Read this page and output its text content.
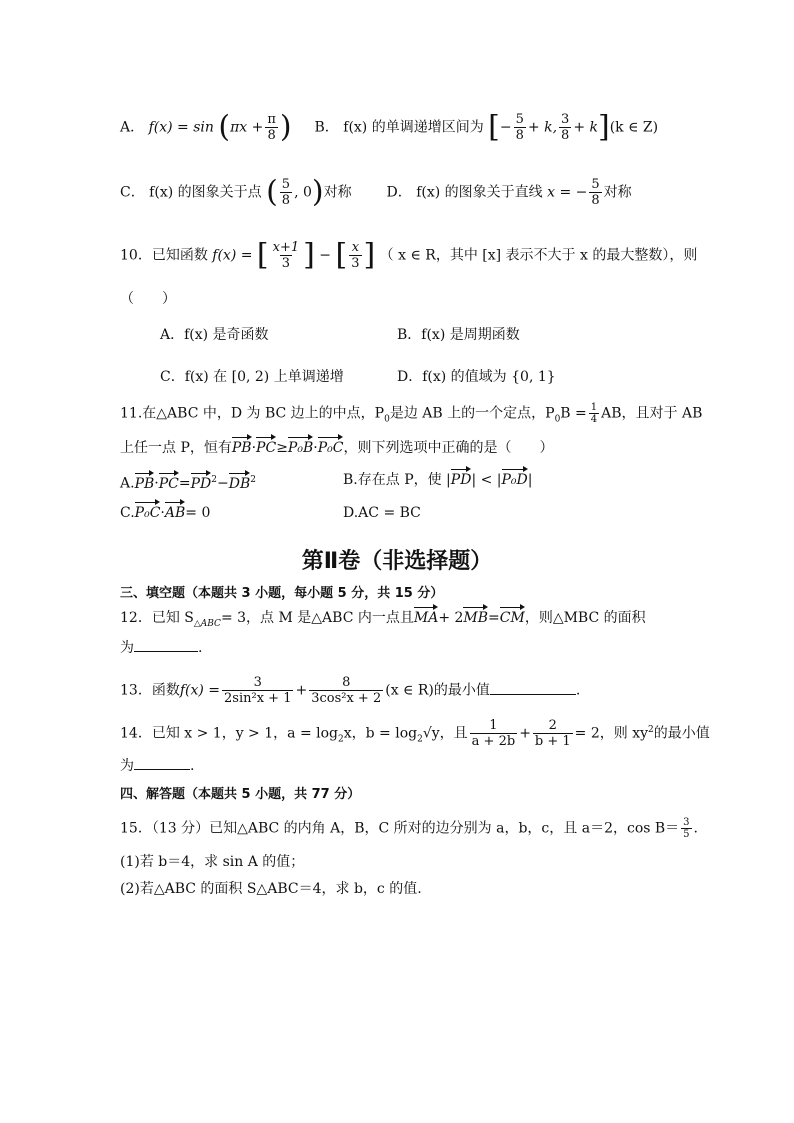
A． $f(x) = \sin (\pi x + \frac{\pi}{8}$ ) B． f(x) 的单调递增区间为 [− $\frac{5}{8} + k$, $\frac{3}{8} + k](k$ ∈ Z)
C． f(x) 的图象关于点 ( $\frac{5}{8}$ , 0)对称 D． f(x) 的图象关于直线 x = − $\frac{5}{8}$ 对称
10．已知函数 f(x) = [ $\frac{x+1}{3}$ ] − [ $\frac{x}{3}$ ] （ x ∈ R，其中 [x] 表示不大于 x 的最大整数），则
（　　）
A．f(x) 是奇函数	B．f(x) 是周期函数
C．f(x) 在 [0, 2) 上单调递增	D．f(x) 的值域为 {0, 1}
11.在△ABC 中，D 为 BC 边上的中点，$P_0$是边 AB 上的一个定点，$P_0B = \frac{1}{4}$ AB，且对于 AB
上任一点 P，恒有PB·PC≥P₀B·P₀C，则下列选项中正确的是（　　）
$A.PB\cdot PC=PD^2-DB^2$	B.存在点 P，使 |PD| < |P₀D|
C.P₀C·AB= 0	D.AC = BC
第Ⅱ卷（非选择题）
三、填空题（本题共 3 小题，每小题 5 分，共 15 分）
12．已知 $S_{\triangle ABC}= 3$，点 M 是△ABC 内一点且MA+ 2MB=CM，则△MBC 的面积
为	.
13．函数$f(x) = \frac{3}{\text{2sin²x + 1}} + \frac{8}{\text{3cos²x + 2}} (x$ ∈ R)的最小值	.
14．已知 x > 1，y > 1，$a = \log_2x$，$b = \log_2√y$，且 $\frac{1}{a + 2b} + \frac{2}{b + 1} = 2$，则 $xy^2$的最小值
为	.
四、解答题（本题共 5 小题，共 77 分）
15．（13 分）已知△ABC 的内角 A，B，C 所对的边分别为 a，b，c，且 a＝2，$\cos B= \frac{3}{5}$ .
(1)若 b＝4，求 sin A 的值；
(2)若△ABC 的面积 S△ABC＝4，求 b，c 的值.
